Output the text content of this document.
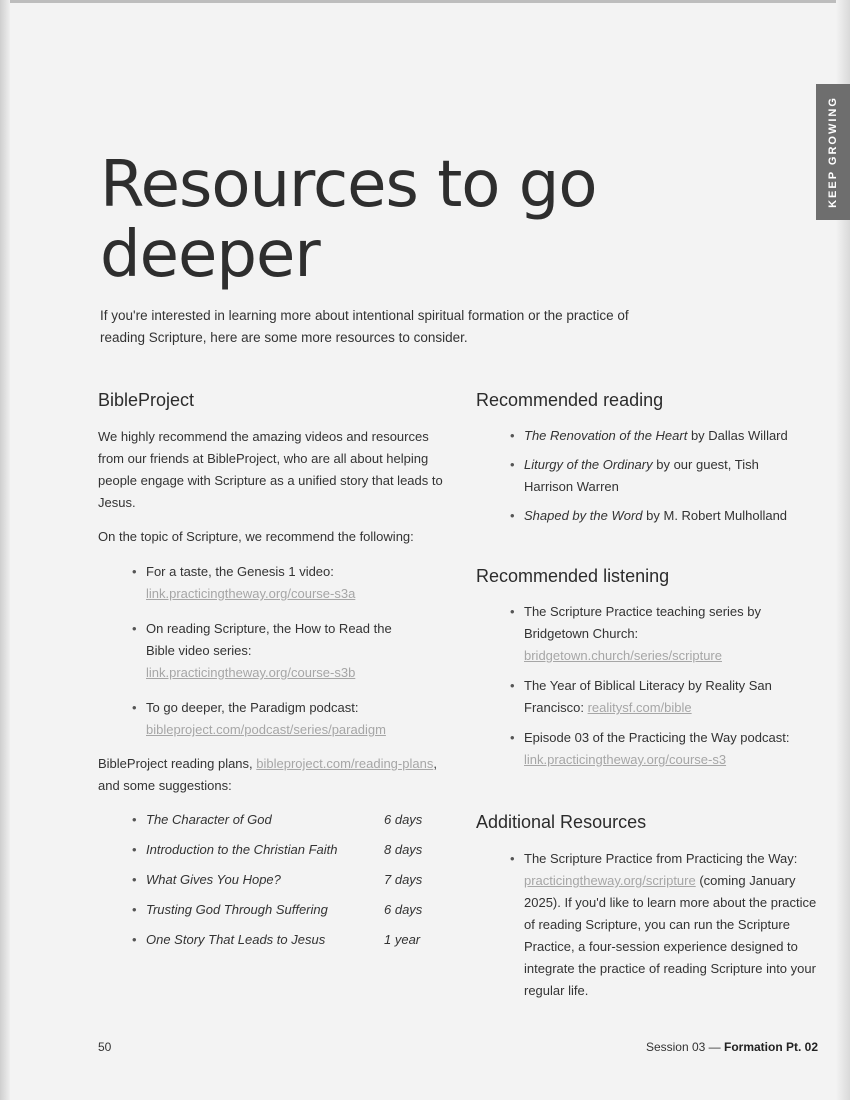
KEEP GROWING
Resources to go
deeper

If you're interested in learning more about intentional spiritual formation or the practice of reading Scripture, here are some more resources to consider.

BibleProject

We highly recommend the amazing videos and resources from our friends at BibleProject, who are all about helping people engage with Scripture as a unified story that leads to Jesus.

On the topic of Scripture, we recommend the following:

• For a taste, the Genesis 1 video:
link.practicingtheway.org/course-s3a
• On reading Scripture, the How to Read the Bible video series: link.practicingtheway.org/course-s3b
• To go deeper, the Paradigm podcast:
bibleproject.com/podcast/series/paradigm

BibleProject reading plans, bibleproject.com/reading-plans, and some suggestions:

• The Character of God	6 days
• Introduction to the Christian Faith	8 days
• What Gives You Hope?	7 days
• Trusting God Through Suffering	6 days
• One Story That Leads to Jesus	1 year
Recommended reading
• The Renovation of the Heart by Dallas Willard
• Liturgy of the Ordinary by our guest, Tish Harrison Warren
• Shaped by the Word by M. Robert Mulholland
Recommended listening
• The Scripture Practice teaching series by Bridgetown Church:
bridgetown.church/series/scripture
• The Year of Biblical Literacy by Reality San Francisco: realitysf.com/bible
• Episode 03 of the Practicing the Way podcast:
link.practicingtheway.org/course-s3
Additional Resources
• The Scripture Practice from Practicing the Way: practicingtheway.org/scripture (coming January 2025). If you'd like to learn more about the practice of reading Scripture, you can run the Scripture Practice, a four-session experience designed to integrate the practice of reading Scripture into your regular life.
50	Session 03 — Formation Pt. 02
